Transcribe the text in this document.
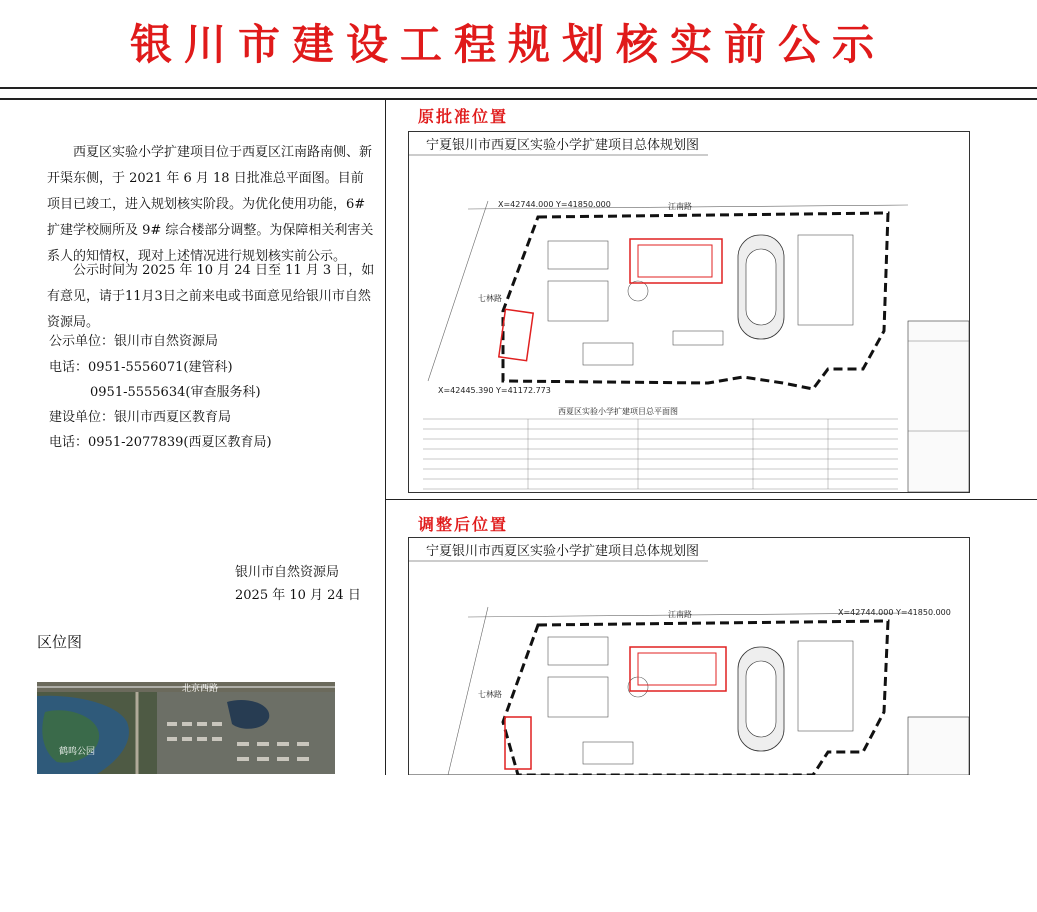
银川市建设工程规划核实前公示
西夏区实验小学扩建项目位于西夏区江南路南侧、新开渠东侧，于 2021 年 6 月 18 日批准总平面图。目前项目已竣工，进入规划核实阶段。为优化使用功能，6# 扩建学校厕所及 9# 综合楼部分调整。为保障相关利害关系人的知情权，现对上述情况进行规划核实前公示。
公示时间为 2025 年 10 月 24 日至 11 月 3 日，如有意见，请于11月3日之前来电或书面意见给银川市自然资源局。
公示单位：银川市自然资源局
电话：0951-5556071(建管科)
0951-5555634(审查服务科)
建设单位：银川市西夏区教育局
电话：0951-2077839(西夏区教育局)
银川市自然资源局
2025 年 10 月 24 日
区位图
北京西路
鹤鸣公园
原批准位置
调整后位置
宁夏银川市西夏区实验小学扩建项目总体规划图
X=42744.000 Y=41850.000
X=42445.390 Y=41172.773
江南路
七林路
西夏区实验小学扩建项目总平面图
宁夏银川市西夏区实验小学扩建项目总体规划图
X=42744.000 Y=41850.000
江南路
七林路
